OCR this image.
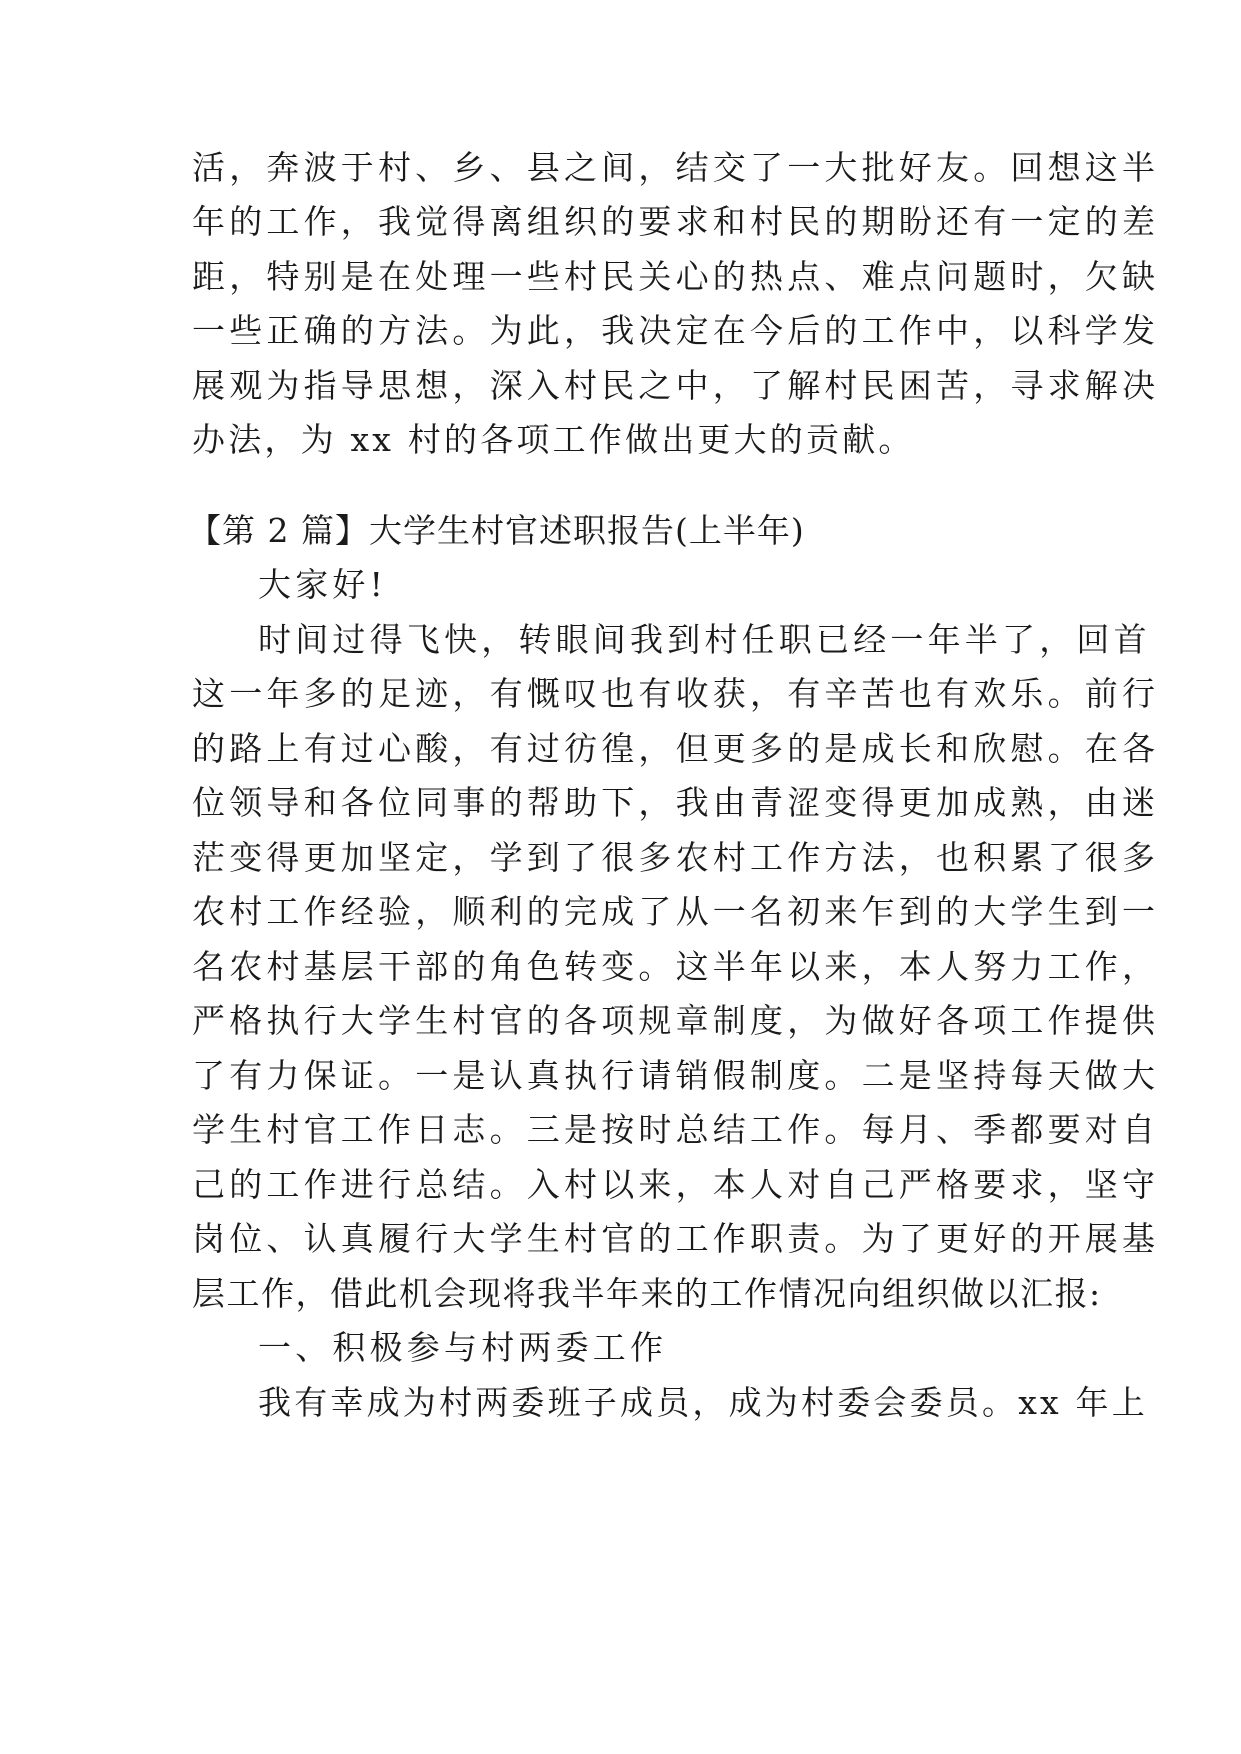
活，奔波于村、乡、县之间，结交了一大批好友。回想这半
年的工作，我觉得离组织的要求和村民的期盼还有一定的差
距，特别是在处理一些村民关心的热点、难点问题时，欠缺
一些正确的方法。为此，我决定在今后的工作中，以科学发
展观为指导思想，深入村民之中，了解村民困苦，寻求解决
办法，为 xx 村的各项工作做出更大的贡献。
【第 2 篇】大学生村官述职报告(上半年)
大家好!
时间过得飞快，转眼间我到村任职已经一年半了，回首
这一年多的足迹，有慨叹也有收获，有辛苦也有欢乐。前行
的路上有过心酸，有过彷徨，但更多的是成长和欣慰。在各
位领导和各位同事的帮助下，我由青涩变得更加成熟，由迷
茫变得更加坚定，学到了很多农村工作方法，也积累了很多
农村工作经验，顺利的完成了从一名初来乍到的大学生到一
名农村基层干部的角色转变。这半年以来，本人努力工作，
严格执行大学生村官的各项规章制度，为做好各项工作提供
了有力保证。一是认真执行请销假制度。二是坚持每天做大
学生村官工作日志。三是按时总结工作。每月、季都要对自
己的工作进行总结。入村以来，本人对自己严格要求，坚守
岗位、认真履行大学生村官的工作职责。为了更好的开展基
层工作，借此机会现将我半年来的工作情况向组织做以汇报:
一、积极参与村两委工作
我有幸成为村两委班子成员，成为村委会委员。xx 年上
